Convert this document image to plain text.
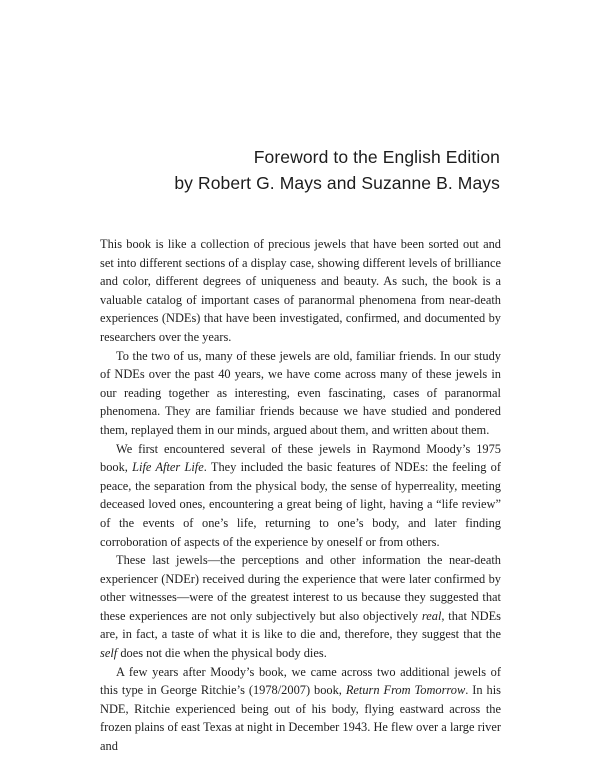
Foreword to the English Edition
by Robert G. Mays and Suzanne B. Mays

This book is like a collection of precious jewels that have been sorted out and set into different sections of a display case, showing different levels of brilliance and color, different degrees of uniqueness and beauty. As such, the book is a valuable catalog of important cases of paranormal phenomena from near-death experiences (NDEs) that have been investigated, confirmed, and documented by researchers over the years.

To the two of us, many of these jewels are old, familiar friends. In our study of NDEs over the past 40 years, we have come across many of these jewels in our reading together as interesting, even fascinating, cases of paranormal phenomena. They are familiar friends because we have studied and pondered them, replayed them in our minds, argued about them, and written about them.

We first encountered several of these jewels in Raymond Moody’s 1975 book, Life After Life. They included the basic features of NDEs: the feeling of peace, the separation from the physical body, the sense of hyperreality, meeting deceased loved ones, encountering a great being of light, having a “life review” of the events of one’s life, returning to one’s body, and later finding corroboration of aspects of the experience by oneself or from others.

These last jewels—the perceptions and other information the near-death experiencer (NDEr) received during the experience that were later confirmed by other witnesses—were of the greatest interest to us because they suggested that these experiences are not only subjectively but also objectively real, that NDEs are, in fact, a taste of what it is like to die and, therefore, they suggest that the self does not die when the physical body dies.

A few years after Moody’s book, we came across two additional jewels of this type in George Ritchie’s (1978/2007) book, Return From Tomorrow. In his NDE, Ritchie experienced being out of his body, flying eastward across the frozen plains of east Texas at night in December 1943. He flew over a large river and
